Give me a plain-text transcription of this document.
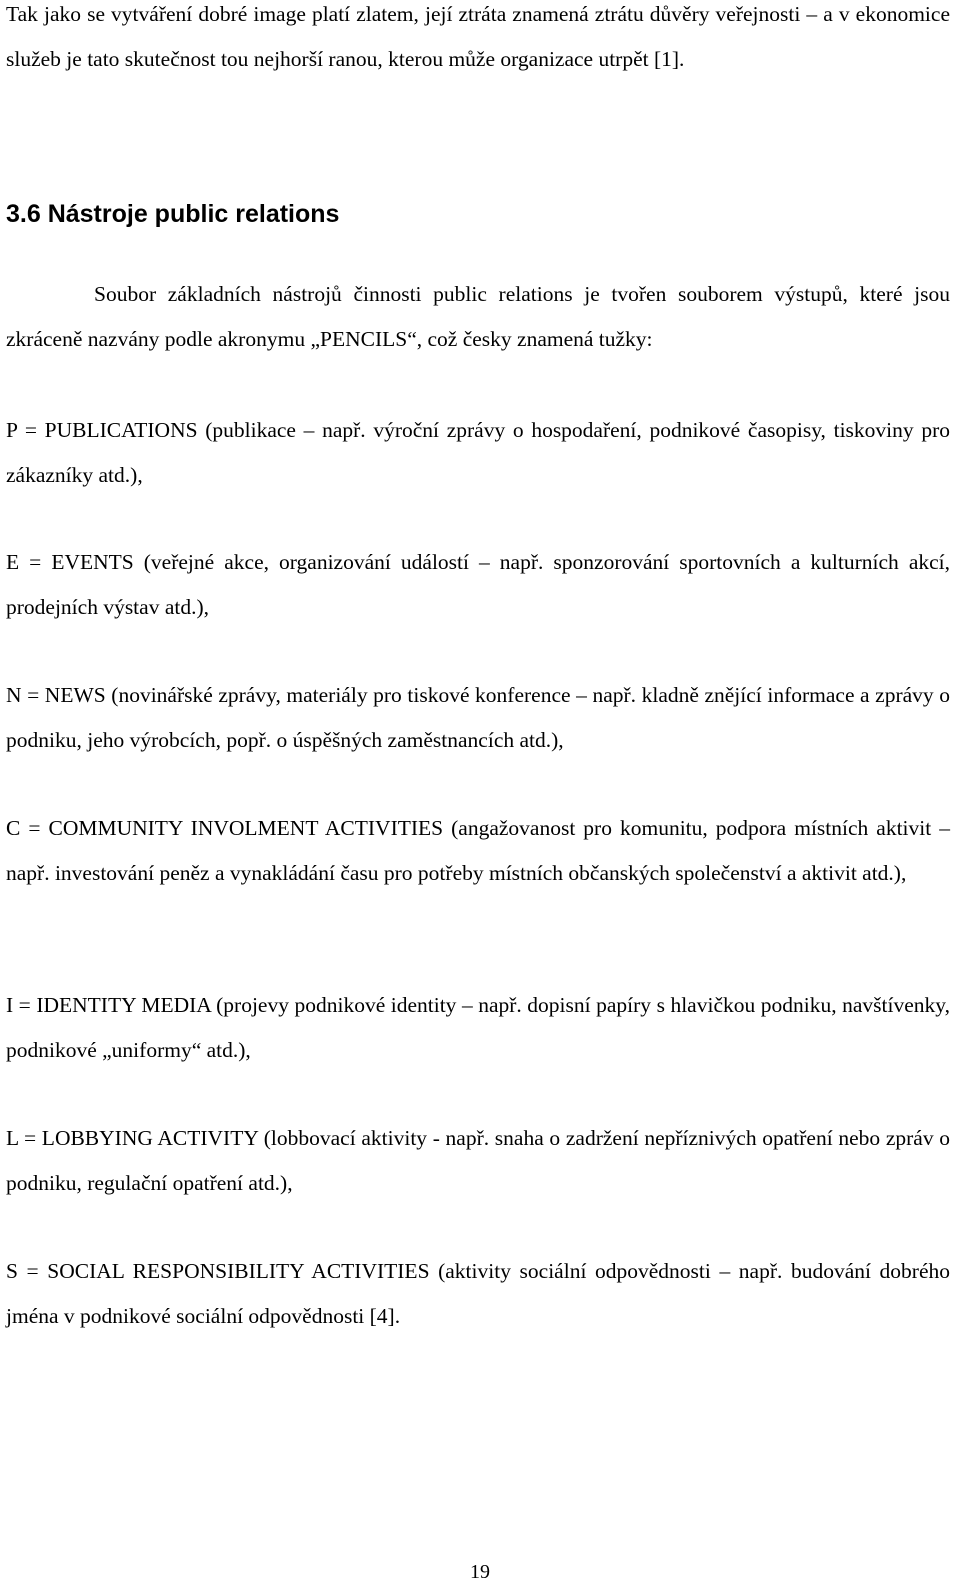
Tak jako se vytváření dobré image platí zlatem, její ztráta znamená ztrátu důvěry veřejnosti – a v ekonomice služeb je tato skutečnost tou nejhorší ranou, kterou může organizace utrpět [1].

3.6 Nástroje public relations

Soubor základních nástrojů činnosti public relations je tvořen souborem výstupů, které jsou zkráceně nazvány podle akronymu „PENCILS“, což česky znamená tužky:

P = PUBLICATIONS (publikace – např. výroční zprávy o hospodaření, podnikové časopisy, tiskoviny pro zákazníky atd.),

E = EVENTS (veřejné akce, organizování událostí – např. sponzorování sportovních a kulturních akcí, prodejních výstav atd.),

N = NEWS (novinářské zprávy, materiály pro tiskové konference – např. kladně znějící informace a zprávy o podniku, jeho výrobcích, popř. o úspěšných zaměstnancích atd.),

C = COMMUNITY INVOLMENT ACTIVITIES (angažovanost pro komunitu, podpora místních aktivit – např. investování peněz a vynakládání času pro potřeby místních občanských společenství a aktivit atd.),

I = IDENTITY MEDIA (projevy podnikové identity – např. dopisní papíry s hlavičkou podniku, navštívenky, podnikové „uniformy“ atd.),

L = LOBBYING ACTIVITY (lobbovací aktivity - např. snaha o zadržení nepříznivých opatření nebo zpráv o podniku, regulační opatření atd.),

S = SOCIAL RESPONSIBILITY ACTIVITIES (aktivity sociální odpovědnosti – např. budování dobrého jména v podnikové sociální odpovědnosti [4].

19
